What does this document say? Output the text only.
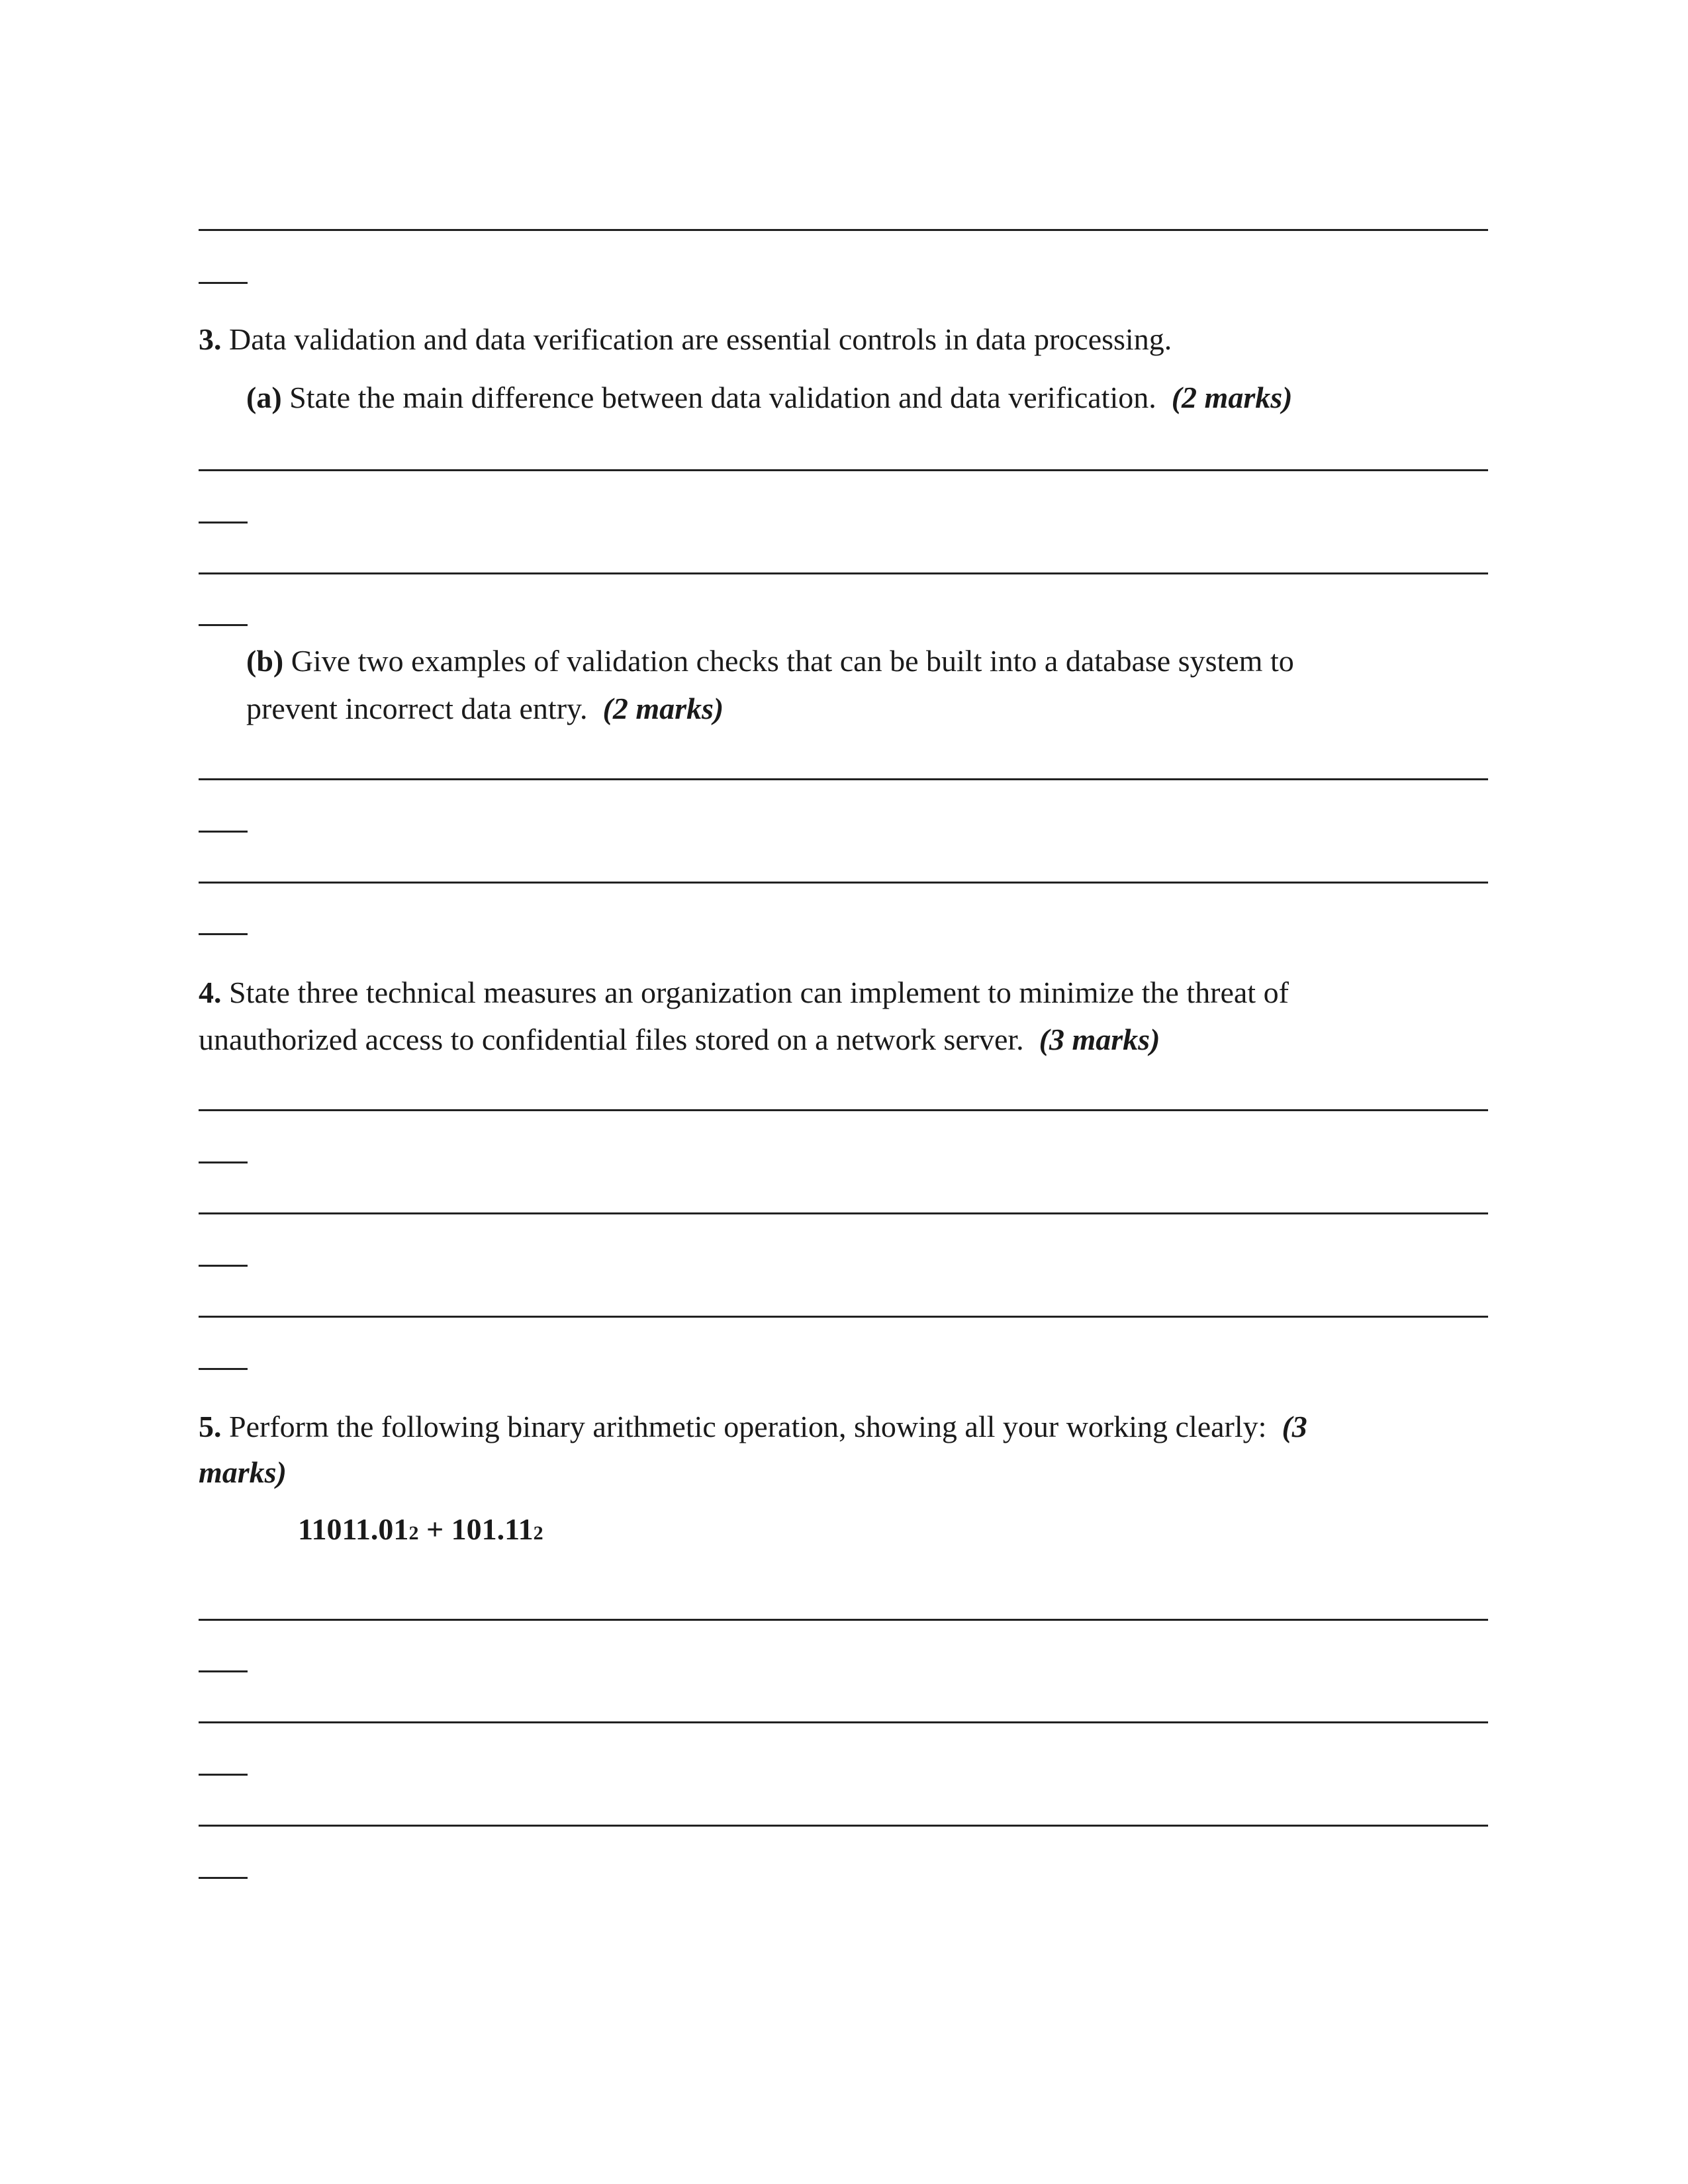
3. Data validation and data verification are essential controls in data processing.
(a) State the main difference between data validation and data verification. (2 marks)
(b) Give two examples of validation checks that can be built into a database system to
prevent incorrect data entry. (2 marks)
4. State three technical measures an organization can implement to minimize the threat of
unauthorized access to confidential files stored on a network server. (3 marks)
5. Perform the following binary arithmetic operation, showing all your working clearly: (3
marks)
11011.012 + 101.112
